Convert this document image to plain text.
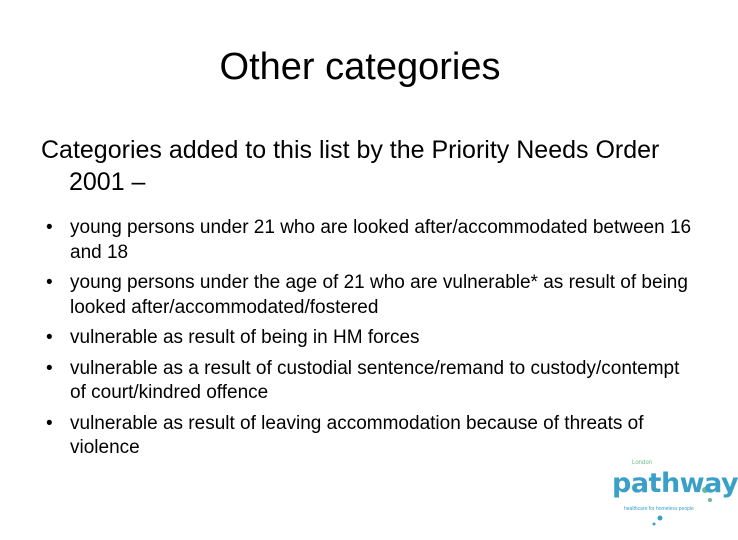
Other categories
Categories added to this list by the Priority Needs Order 2001 –
• young persons under 21 who are looked after/accommodated between 16 and 18
• young persons under the age of 21 who are vulnerable* as result of being looked after/accommodated/fostered
• vulnerable as result of being in HM forces
• vulnerable as a result of custodial sentence/remand to custody/contempt of court/kindred offence
• vulnerable as result of leaving accommodation because of threats of violence
London
pathway
healthcare for homeless people
